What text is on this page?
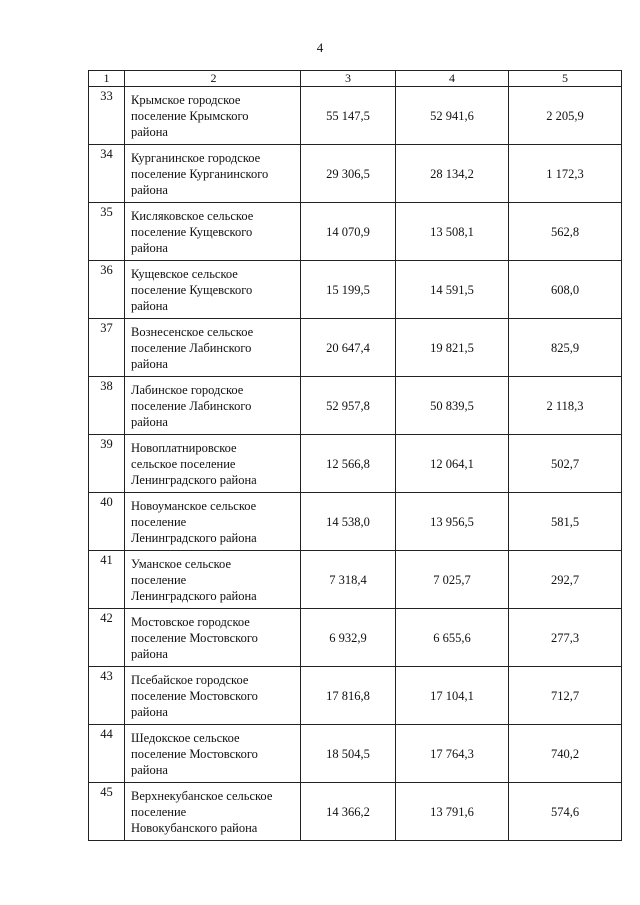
4
1	2	3	4	5
33	Крымское городское
поселение Крымского
района	55 147,5	52 941,6	2 205,9
34	Курганинское городское
поселение Курганинского
района	29 306,5	28 134,2	1 172,3
35	Кисляковское сельское
поселение Кущевского
района	14 070,9	13 508,1	562,8
36	Кущевское сельское
поселение Кущевского
района	15 199,5	14 591,5	608,0
37	Вознесенское сельское
поселение Лабинского
района	20 647,4	19 821,5	825,9
38	Лабинское городское
поселение Лабинского
района	52 957,8	50 839,5	2 118,3
39	Новоплатнировское
сельское поселение
Ленинградского района	12 566,8	12 064,1	502,7
40	Новоуманское сельское
поселение
Ленинградского района	14 538,0	13 956,5	581,5
41	Уманское сельское
поселение
Ленинградского района	7 318,4	7 025,7	292,7
42	Мостовское городское
поселение Мостовского
района	6 932,9	6 655,6	277,3
43	Псебайское городское
поселение Мостовского
района	17 816,8	17 104,1	712,7
44	Шедокское сельское
поселение Мостовского
района	18 504,5	17 764,3	740,2
45	Верхнекубанское сельское
поселение
Новокубанского района	14 366,2	13 791,6	574,6
